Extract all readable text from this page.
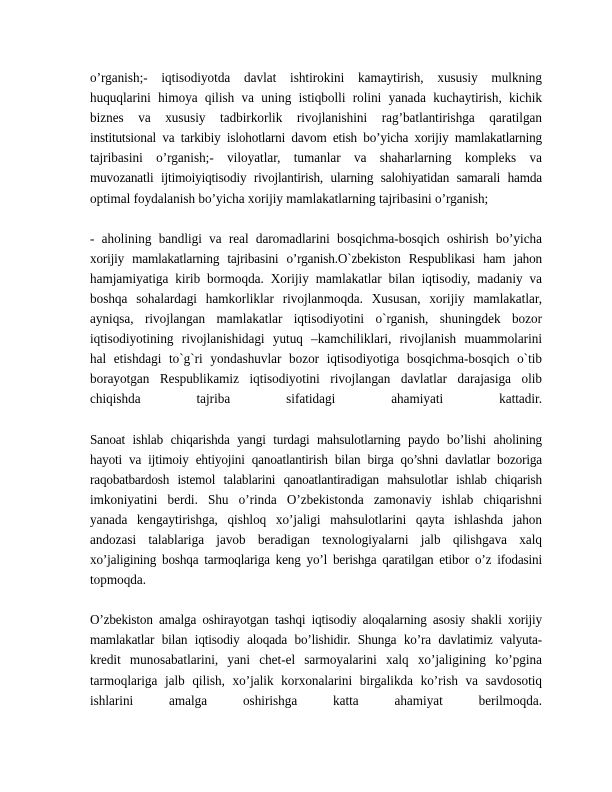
o’rganish;- iqtisodiyotda davlat ishtirokini kamaytirish, xususiy mulkning
huquqlarini himoya qilish va uning istiqbolli rolini yanada kuchaytirish, kichik
biznes va xususiy tadbirkorlik rivojlanishini rag’batlantirishga qaratilgan
institutsional va tarkibiy islohotlarni davom etish bo’yicha xorijiy mamlakatlarning
tajribasini o’rganish;- viloyatlar, tumanlar va shaharlarning kompleks va
muvozanatli ijtimoiyiqtisodiy rivojlantirish, ularning salohiyatidan samarali hamda
optimal foydalanish bo’yicha xorijiy mamlakatlarning tajribasini o’rganish;
- aholining bandligi va real daromadlarini bosqichma-bosqich oshirish bo’yicha
xorijiy mamlakatlarning tajribasini o’rganish.O`zbekiston Respublikasi ham jahon
hamjamiyatiga kirib bormoqda. Xorijiy mamlakatlar bilan iqtisodiy, madaniy va
boshqa sohalardagi hamkorliklar rivojlanmoqda. Xususan, xorijiy mamlakatlar,
ayniqsa, rivojlangan mamlakatlar iqtisodiyotini o`rganish, shuningdek bozor
iqtisodiyotining rivojlanishidagi yutuq –kamchiliklari, rivojlanish muammolarini
hal etishdagi to`g`ri yondashuvlar bozor iqtisodiyotiga bosqichma-bosqich o`tib
borayotgan Respublikamiz iqtisodiyotini rivojlangan davlatlar darajasiga olib
chiqishda tajriba sifatidagi ahamiyati kattadir.
Sanoat ishlab chiqarishda yangi turdagi mahsulotlarning paydo bo’lishi aholining
hayoti va ijtimoiy ehtiyojini qanoatlantirish bilan birga qo’shni davlatlar bozoriga
raqobatbardosh istemol talablarini qanoatlantiradigan mahsulotlar ishlab chiqarish
imkoniyatini berdi. Shu o’rinda O’zbekistonda zamonaviy ishlab chiqarishni
yanada kengaytirishga, qishloq xo’jaligi mahsulotlarini qayta ishlashda jahon
andozasi talablariga javob beradigan texnologiyalarni jalb qilishgava xalq
xo’jaligining boshqa tarmoqlariga keng yo’l berishga qaratilgan etibor o’z ifodasini
topmoqda.
O’zbekiston amalga oshirayotgan tashqi iqtisodiy aloqalarning asosiy shakli xorijiy
mamlakatlar bilan iqtisodiy aloqada bo’lishidir. Shunga ko’ra davlatimiz valyuta-
kredit munosabatlarini, yani chet-el sarmoyalarini xalq xo’jaligining ko’pgina
tarmoqlariga jalb qilish, xo’jalik korxonalarini birgalikda ko’rish va savdosotiq
ishlarini amalga oshirishga katta ahamiyat berilmoqda.
